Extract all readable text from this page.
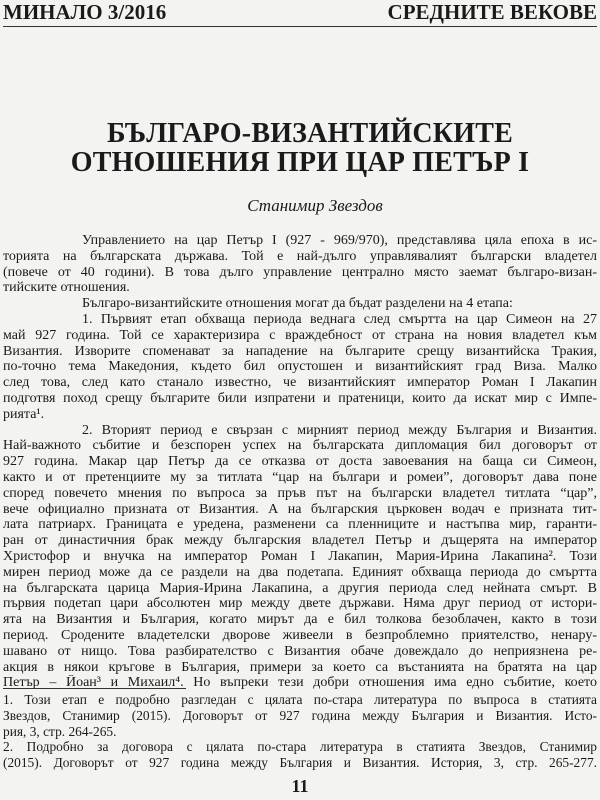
МИНАЛО 3/2016	СРЕДНИТЕ ВЕКОВЕ
БЪЛГАРО-ВИЗАНТИЙСКИТЕ
ОТНОШЕНИЯ ПРИ ЦАР ПЕТЪР I
Станимир Звездов
Управлението на цар Петър I (927 - 969/970), представлява цяла епоха в ис-
торията на българската държава. Той е най-дълго управлявалият български владетел
(повече от 40 години). В това дълго управление централно място заемат българо-визан-
тийските отношения.
Българо-византийските отношения могат да бъдат разделени на 4 етапа:
1. Първият етап обхваща периода веднага след смъртта на цар Симеон на 27
май 927 година. Той се характеризира с враждебност от страна на новия владетел към
Византия. Изворите споменават за нападение на българите срещу византийска Тракия,
по-точно тема Македония, където бил опустошен и византийският град Виза. Малко
след това, след като станало известно, че византийският император Роман I Лакапин
подготвя поход срещу българите били изпратени и пратеници, които да искат мир с Импе-
рията¹.
2. Вторият период е свързан с мирният период между България и Византия.
Най-важното събитие и безспорен успех на българската дипломация бил договорът от
927 година. Макар цар Петър да се отказва от доста завоевания на баща си Симеон,
както и от претенциите му за титлата “цар на българи и ромеи”, договорът дава поне
според повечето мнения по въпроса за пръв път на български владетел титлата “цар”,
вече официално призната от Византия. А на българския църковен водач е призната тит-
лата патриарх. Границата е уредена, разменени са пленниците и настъпва мир, гаранти-
ран от династичния брак между българския владетел Петър и дъщерята на император
Христофор и внучка на император Роман I Лакапин, Мария-Ирина Лакапина². Този
мирен период може да се раздели на два подетапа. Единият обхваща периода до смъртта
на българската царица Мария-Ирина Лакапина, а другия периода след нейната смърт. В
първия подетап цари абсолютен мир между двете държави. Няма друг период от истори-
ята на Византия и България, когато мирът да е бил толкова безоблачен, както в този
период. Сродените владетелски дворове живеели в безпроблемно приятелство, ненару-
шавано от нищо. Това разбирателство с Византия обаче довеждало до неприязнена ре-
акция в някои кръгове в България, примери за което са въстанията на братята на цар
Петър – Йоан³ и Михаил⁴. Но въпреки тези добри отношения има едно събитие, което
1. Този етап е подробно разгледан с цялата по-стара литература по въпроса в статията
Звездов, Станимир (2015). Договорът от 927 година между България и Византия. Исто-
рия, 3, стр. 264-265.
2. Подробно за договора с цялата по-стара литература в статията Звездов, Станимир
(2015). Договорът от 927 година между България и Византия. История, 3, стр. 265-277.
11
